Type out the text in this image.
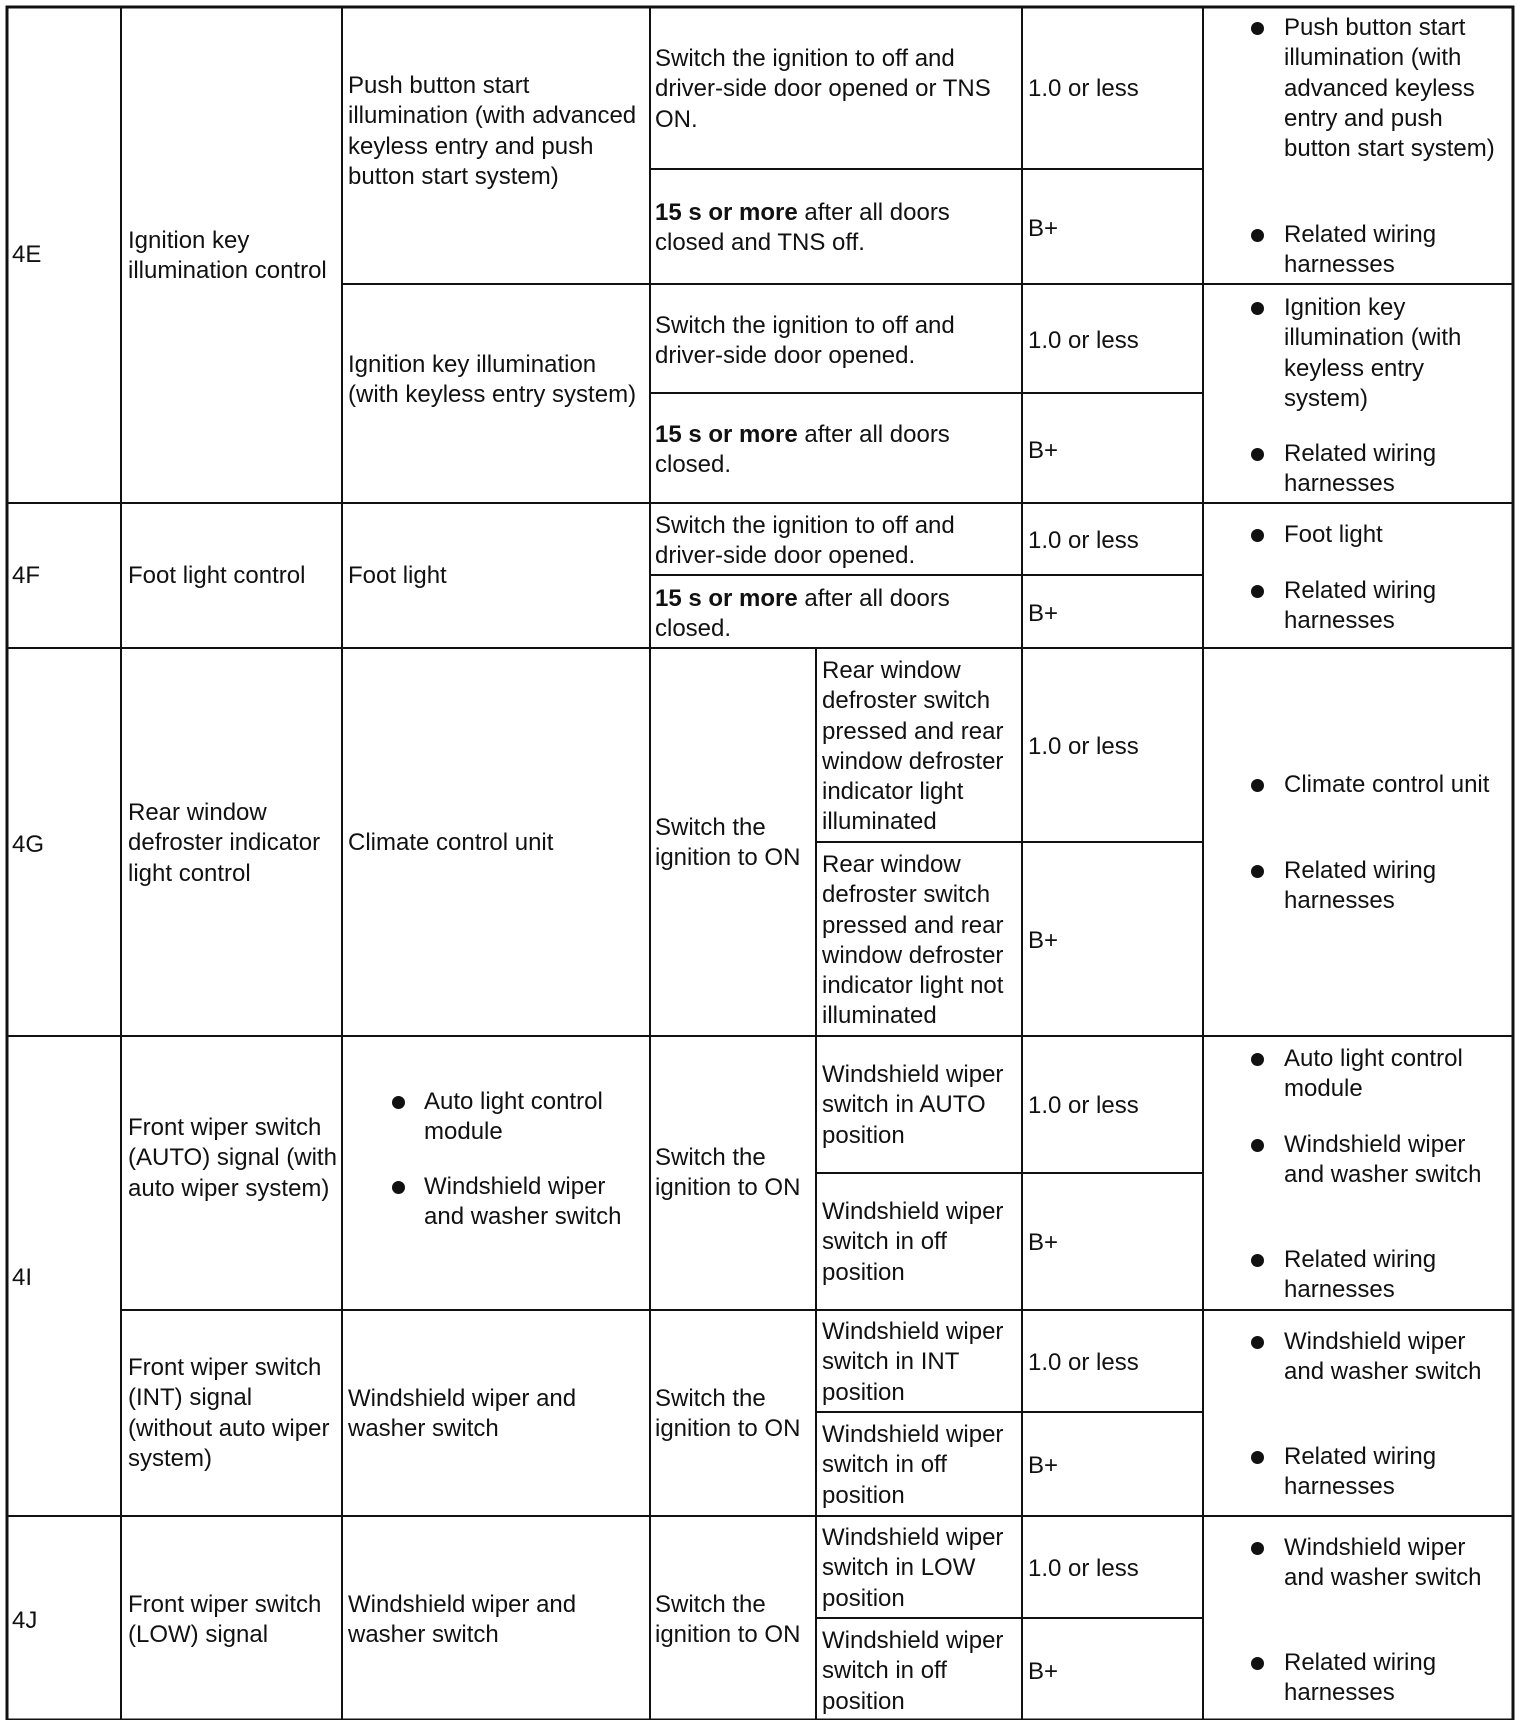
4E
Ignition key illumination control
Push button start illumination (with advanced keyless entry and push button start system)
Switch the ignition to off and driver-side door opened or TNS ON.
1.0 or less
15 s or more after all doors closed and TNS off.
B+
Push button start illumination (with advanced keyless entry and push button start system)
Related wiring harnesses
Ignition key illumination (with keyless entry system)
Switch the ignition to off and driver-side door opened.
1.0 or less
15 s or more after all doors closed.
B+
Ignition key illumination (with keyless entry system)
Related wiring harnesses
4F	Foot light control	Foot light
Switch the ignition to off and driver-side door opened.
1.0 or less
15 s or more after all doors closed.
B+
Foot light
Related wiring harnesses
4G
Rear window defroster indicator light control
Climate control unit
Switch the ignition to ON
Rear window defroster switch pressed and rear window defroster indicator light illuminated
1.0 or less
Rear window defroster switch pressed and rear window defroster indicator light not illuminated
B+
Climate control unit
Related wiring harnesses
4I
Front wiper switch (AUTO) signal (with auto wiper system)
Auto light control module
Windshield wiper and washer switch
Switch the ignition to ON
Windshield wiper switch in AUTO position
1.0 or less
Windshield wiper switch in off position
B+
Auto light control module
Windshield wiper and washer switch
Related wiring harnesses
Front wiper switch (INT) signal (without auto wiper system)
Windshield wiper and washer switch
Switch the ignition to ON
Windshield wiper switch in INT position
1.0 or less
Windshield wiper switch in off position
B+
Windshield wiper and washer switch
Related wiring harnesses
4J
Front wiper switch (LOW) signal
Windshield wiper and washer switch
Switch the ignition to ON
Windshield wiper switch in LOW position
1.0 or less
Windshield wiper switch in off position
B+
Windshield wiper and washer switch
Related wiring harnesses
